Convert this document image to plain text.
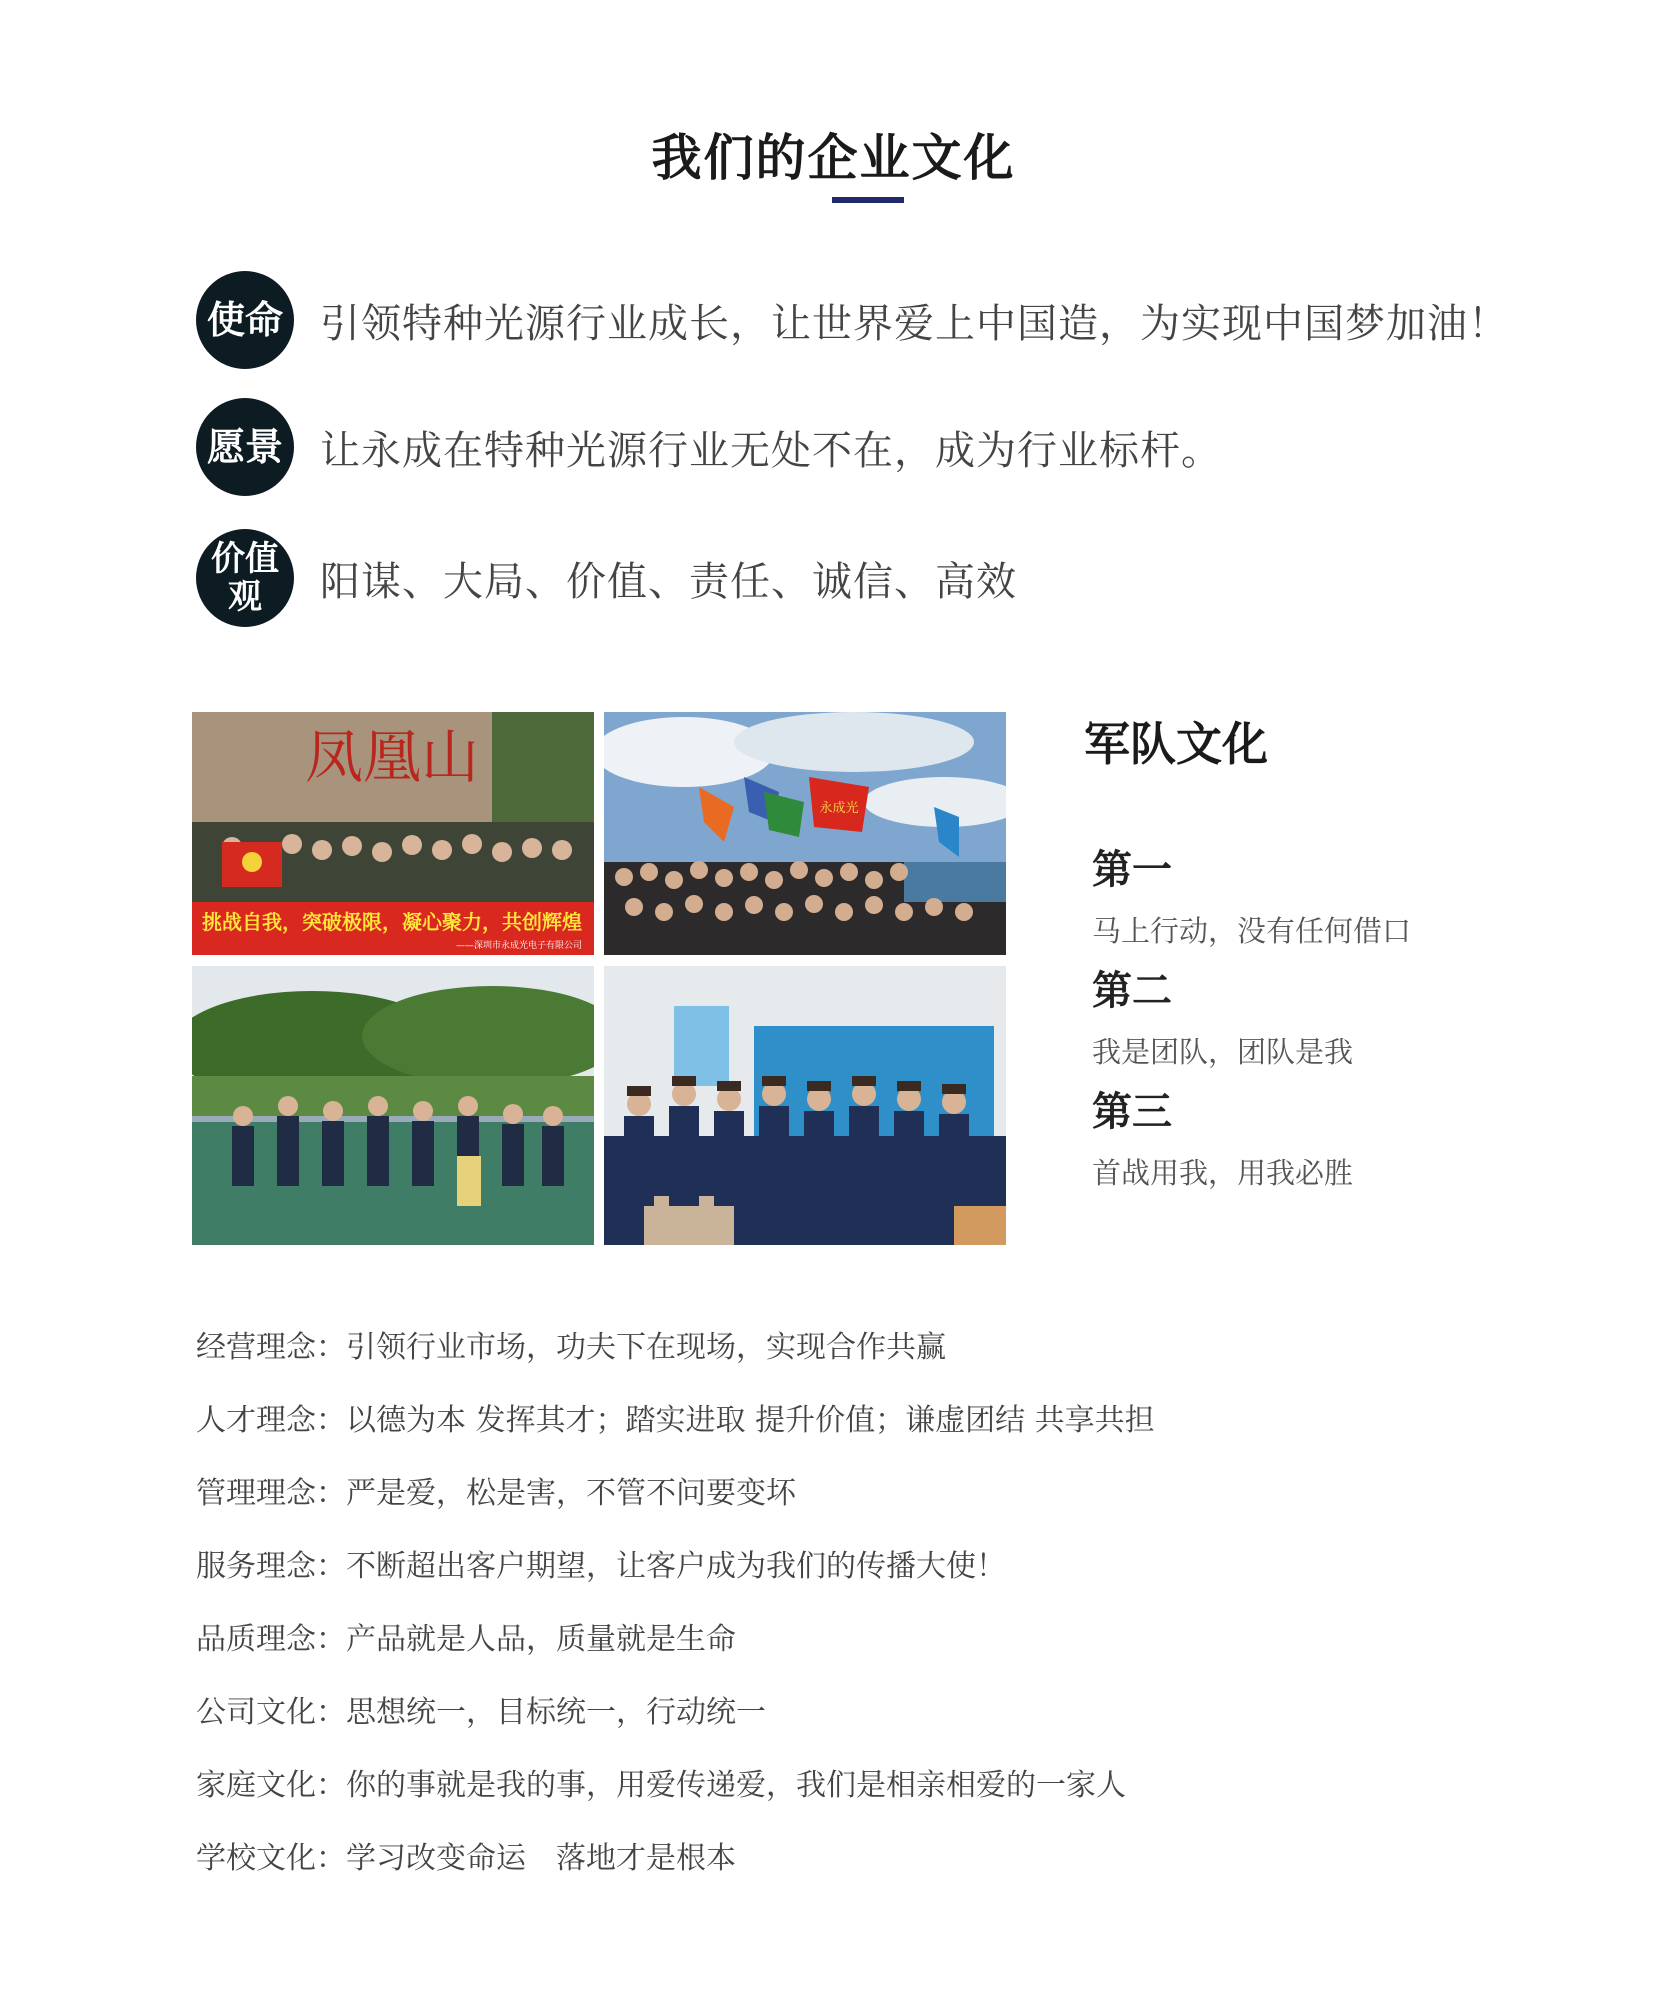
我们的企业文化
使命 引领特种光源行业成长，让世界爱上中国造，为实现中国梦加油！
愿景 让永成在特种光源行业无处不在，成为行业标杆。
价值观	阳谋、大局、价值、责任、诚信、高效
凤凰山
挑战自我，突破极限，凝心聚力，共创辉煌
——深圳市永成光电子有限公司
永成光
军队文化
第一
马上行动，没有任何借口
第二
我是团队，团队是我
第三
首战用我，用我必胜
经营理念：引领行业市场，功夫下在现场，实现合作共赢
人才理念：以德为本 发挥其才；踏实进取 提升价值；谦虚团结 共享共担
管理理念：严是爱，松是害，不管不问要变坏
服务理念：不断超出客户期望，让客户成为我们的传播大使！
品质理念：产品就是人品，质量就是生命
公司文化：思想统一，目标统一，行动统一
家庭文化：你的事就是我的事，用爱传递爱，我们是相亲相爱的一家人
学校文化：学习改变命运　落地才是根本
